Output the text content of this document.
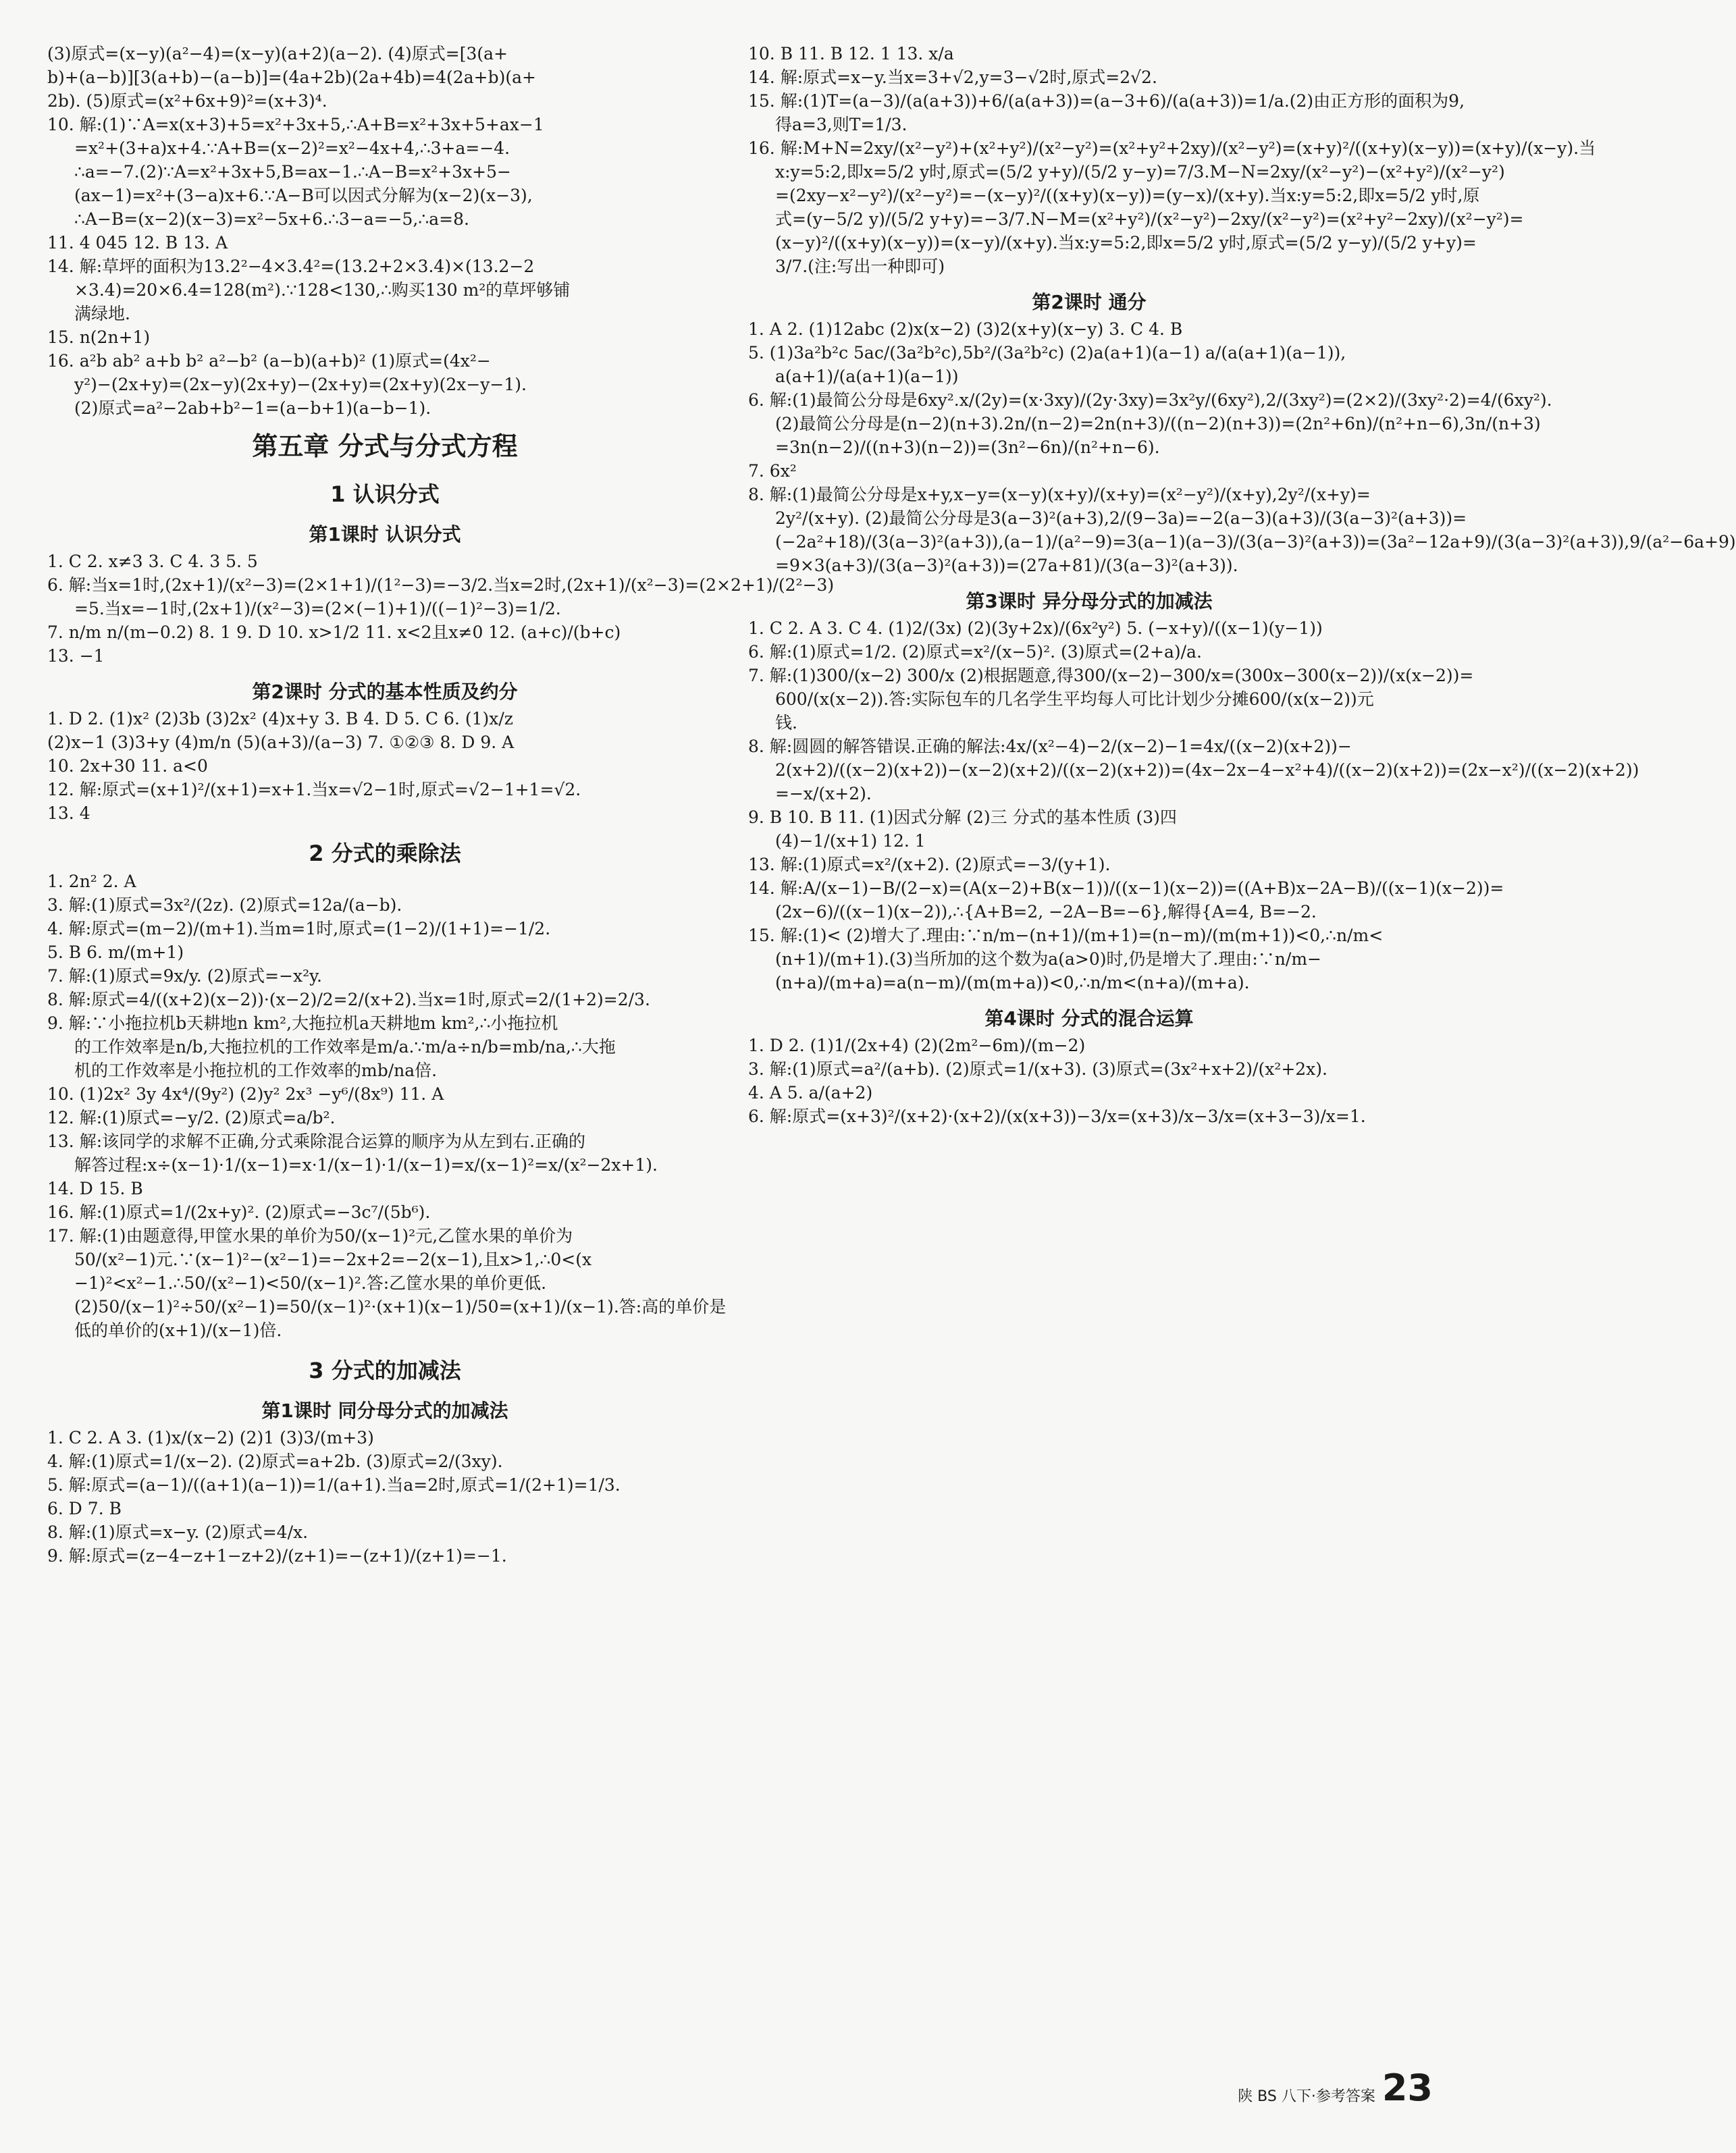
(3)原式=(x−y)(a²−4)=(x−y)(a+2)(a−2). (4)原式=[3(a+
b)+(a−b)][3(a+b)−(a−b)]=(4a+2b)(2a+4b)=4(2a+b)(a+
2b). (5)原式=(x²+6x+9)²=(x+3)⁴.
10. 解:(1)∵A=x(x+3)+5=x²+3x+5,∴A+B=x²+3x+5+ax−1
=x²+(3+a)x+4.∵A+B=(x−2)²=x²−4x+4,∴3+a=−4.
∴a=−7.(2)∵A=x²+3x+5,B=ax−1.∴A−B=x²+3x+5−
(ax−1)=x²+(3−a)x+6.∵A−B可以因式分解为(x−2)(x−3),
∴A−B=(x−2)(x−3)=x²−5x+6.∴3−a=−5,∴a=8.
11. 4 045 12. B 13. A
14. 解:草坪的面积为13.2²−4×3.4²=(13.2+2×3.4)×(13.2−2
×3.4)=20×6.4=128(m²).∵128<130,∴购买130 m²的草坪够铺
满绿地.
15. n(2n+1)
16. a²b ab² a+b b² a²−b² (a−b)(a+b)² (1)原式=(4x²−
y²)−(2x+y)=(2x−y)(2x+y)−(2x+y)=(2x+y)(2x−y−1).
(2)原式=a²−2ab+b²−1=(a−b+1)(a−b−1).
第五章 分式与分式方程
1 认识分式
第1课时 认识分式
1. C 2. x≠3 3. C 4. 3 5. 5
6. 解:当x=1时,(2x+1)/(x²−3)=(2×1+1)/(1²−3)=−3/2.当x=2时,(2x+1)/(x²−3)=(2×2+1)/(2²−3)
=5.当x=−1时,(2x+1)/(x²−3)=(2×(−1)+1)/((−1)²−3)=1/2.
7. n/m n/(m−0.2) 8. 1 9. D 10. x>1/2 11. x<2且x≠0 12. (a+c)/(b+c)
13. −1
第2课时 分式的基本性质及约分
1. D 2. (1)x² (2)3b (3)2x² (4)x+y 3. B 4. D 5. C 6. (1)x/z
(2)x−1 (3)3+y (4)m/n (5)(a+3)/(a−3) 7. ①②③ 8. D 9. A
10. 2x+30 11. a<0
12. 解:原式=(x+1)²/(x+1)=x+1.当x=√2−1时,原式=√2−1+1=√2.
13. 4
2 分式的乘除法
1. 2n² 2. A
3. 解:(1)原式=3x²/(2z). (2)原式=12a/(a−b).
4. 解:原式=(m−2)/(m+1).当m=1时,原式=(1−2)/(1+1)=−1/2.
5. B 6. m/(m+1)
7. 解:(1)原式=9x/y. (2)原式=−x²y.
8. 解:原式=4/((x+2)(x−2))·(x−2)/2=2/(x+2).当x=1时,原式=2/(1+2)=2/3.
9. 解:∵小拖拉机b天耕地n km²,大拖拉机a天耕地m km²,∴小拖拉机
的工作效率是n/b,大拖拉机的工作效率是m/a.∵m/a÷n/b=mb/na,∴大拖
机的工作效率是小拖拉机的工作效率的mb/na倍.
10. (1)2x² 3y 4x⁴/(9y²) (2)y² 2x³ −y⁶/(8x⁹) 11. A
12. 解:(1)原式=−y/2. (2)原式=a/b².
13. 解:该同学的求解不正确,分式乘除混合运算的顺序为从左到右.正确的
解答过程:x÷(x−1)·1/(x−1)=x·1/(x−1)·1/(x−1)=x/(x−1)²=x/(x²−2x+1).
14. D 15. B
16. 解:(1)原式=1/(2x+y)². (2)原式=−3c⁷/(5b⁶).
17. 解:(1)由题意得,甲筐水果的单价为50/(x−1)²元,乙筐水果的单价为
50/(x²−1)元.∵(x−1)²−(x²−1)=−2x+2=−2(x−1),且x>1,∴0<(x
−1)²<x²−1.∴50/(x²−1)<50/(x−1)².答:乙筐水果的单价更低.
(2)50/(x−1)²÷50/(x²−1)=50/(x−1)²·(x+1)(x−1)/50=(x+1)/(x−1).答:高的单价是
低的单价的(x+1)/(x−1)倍.
3 分式的加减法
第1课时 同分母分式的加减法
1. C 2. A 3. (1)x/(x−2) (2)1 (3)3/(m+3)
4. 解:(1)原式=1/(x−2). (2)原式=a+2b. (3)原式=2/(3xy).
5. 解:原式=(a−1)/((a+1)(a−1))=1/(a+1).当a=2时,原式=1/(2+1)=1/3.
6. D 7. B
8. 解:(1)原式=x−y. (2)原式=4/x.
9. 解:原式=(z−4−z+1−z+2)/(z+1)=−(z+1)/(z+1)=−1.
10. B 11. B 12. 1 13. x/a
14. 解:原式=x−y.当x=3+√2,y=3−√2时,原式=2√2.
15. 解:(1)T=(a−3)/(a(a+3))+6/(a(a+3))=(a−3+6)/(a(a+3))=1/a.(2)由正方形的面积为9,
得a=3,则T=1/3.
16. 解:M+N=2xy/(x²−y²)+(x²+y²)/(x²−y²)=(x²+y²+2xy)/(x²−y²)=(x+y)²/((x+y)(x−y))=(x+y)/(x−y).当
x:y=5:2,即x=5/2 y时,原式=(5/2 y+y)/(5/2 y−y)=7/3.M−N=2xy/(x²−y²)−(x²+y²)/(x²−y²)
=(2xy−x²−y²)/(x²−y²)=−(x−y)²/((x+y)(x−y))=(y−x)/(x+y).当x:y=5:2,即x=5/2 y时,原
式=(y−5/2 y)/(5/2 y+y)=−3/7.N−M=(x²+y²)/(x²−y²)−2xy/(x²−y²)=(x²+y²−2xy)/(x²−y²)=
(x−y)²/((x+y)(x−y))=(x−y)/(x+y).当x:y=5:2,即x=5/2 y时,原式=(5/2 y−y)/(5/2 y+y)=
3/7.(注:写出一种即可)
第2课时 通分
1. A 2. (1)12abc (2)x(x−2) (3)2(x+y)(x−y) 3. C 4. B
5. (1)3a²b²c 5ac/(3a²b²c),5b²/(3a²b²c) (2)a(a+1)(a−1) a/(a(a+1)(a−1)),
a(a+1)/(a(a+1)(a−1))
6. 解:(1)最简公分母是6xy².x/(2y)=(x·3xy)/(2y·3xy)=3x²y/(6xy²),2/(3xy²)=(2×2)/(3xy²·2)=4/(6xy²).
(2)最简公分母是(n−2)(n+3).2n/(n−2)=2n(n+3)/((n−2)(n+3))=(2n²+6n)/(n²+n−6),3n/(n+3)
=3n(n−2)/((n+3)(n−2))=(3n²−6n)/(n²+n−6).
7. 6x²
8. 解:(1)最简公分母是x+y,x−y=(x−y)(x+y)/(x+y)=(x²−y²)/(x+y),2y²/(x+y)=
2y²/(x+y). (2)最简公分母是3(a−3)²(a+3),2/(9−3a)=−2(a−3)(a+3)/(3(a−3)²(a+3))=
(−2a²+18)/(3(a−3)²(a+3)),(a−1)/(a²−9)=3(a−1)(a−3)/(3(a−3)²(a+3))=(3a²−12a+9)/(3(a−3)²(a+3)),9/(a²−6a+9)
=9×3(a+3)/(3(a−3)²(a+3))=(27a+81)/(3(a−3)²(a+3)).
第3课时 异分母分式的加减法
1. C 2. A 3. C 4. (1)2/(3x) (2)(3y+2x)/(6x²y²) 5. (−x+y)/((x−1)(y−1))
6. 解:(1)原式=1/2. (2)原式=x²/(x−5)². (3)原式=(2+a)/a.
7. 解:(1)300/(x−2) 300/x (2)根据题意,得300/(x−2)−300/x=(300x−300(x−2))/(x(x−2))=
600/(x(x−2)).答:实际包车的几名学生平均每人可比计划少分摊600/(x(x−2))元
钱.
8. 解:圆圆的解答错误.正确的解法:4x/(x²−4)−2/(x−2)−1=4x/((x−2)(x+2))−
2(x+2)/((x−2)(x+2))−(x−2)(x+2)/((x−2)(x+2))=(4x−2x−4−x²+4)/((x−2)(x+2))=(2x−x²)/((x−2)(x+2))
=−x/(x+2).
9. B 10. B 11. (1)因式分解 (2)三 分式的基本性质 (3)四
(4)−1/(x+1) 12. 1
13. 解:(1)原式=x²/(x+2). (2)原式=−3/(y+1).
14. 解:A/(x−1)−B/(2−x)=(A(x−2)+B(x−1))/((x−1)(x−2))=((A+B)x−2A−B)/((x−1)(x−2))=
(2x−6)/((x−1)(x−2)),∴{A+B=2, −2A−B=−6},解得{A=4, B=−2.
15. 解:(1)< (2)增大了.理由:∵n/m−(n+1)/(m+1)=(n−m)/(m(m+1))<0,∴n/m<
(n+1)/(m+1).(3)当所加的这个数为a(a>0)时,仍是增大了.理由:∵n/m−
(n+a)/(m+a)=a(n−m)/(m(m+a))<0,∴n/m<(n+a)/(m+a).
第4课时 分式的混合运算
1. D 2. (1)1/(2x+4) (2)(2m²−6m)/(m−2)
3. 解:(1)原式=a²/(a+b). (2)原式=1/(x+3). (3)原式=(3x²+x+2)/(x²+2x).
4. A 5. a/(a+2)
6. 解:原式=(x+3)²/(x+2)·(x+2)/(x(x+3))−3/x=(x+3)/x−3/x=(x+3−3)/x=1.
陕 BS 八下·参考答案 23
